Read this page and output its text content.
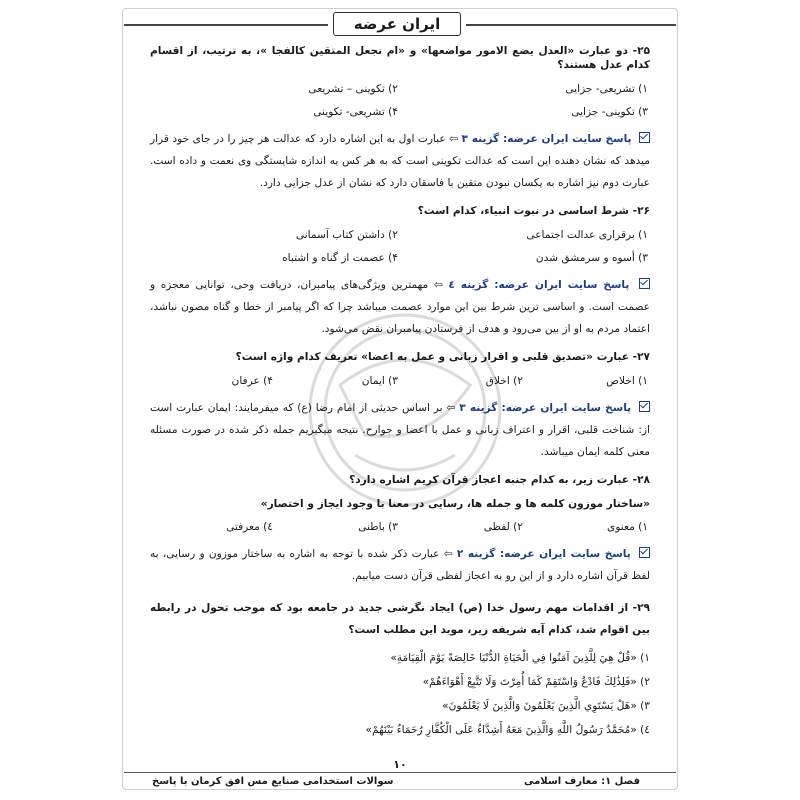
ایران عرضه
۲۵- دو عبارت «العدل یضع الامور مواضعها» و «ام نجعل المتقین کالفجا »، به ترتیب، از اقسام کدام عدل هستند؟
۱) تشریعی- جزایی
۲) تکوینی – تشریعی
۳) تکوینی- جزایی
۴) تشریعی- تکوینی
پاسخ سایت ایران عرضه: گزینه ۳ ⇦ عبارت اول به این اشاره دارد که عدالت هر چیز را در جای خود قرار میدهد که نشان دهنده این است که عدالت تکوینی است که به هر کس به اندازه شایستگی وی نعمت و داده است. عبارت دوم نیز اشاره به یکسان نبودن متقین با فاسقان دارد که نشان از عدل جزایی دارد.
۲۶- شرط اساسی در نبوت انبیاء، کدام است؟
۱) برقراری عدالت اجتماعی
۲) داشتن کتاب آسمانی
۳) أسوه و سرمشق شدن
۴) عصمت از گناه و اشتباه
پاسخ سایت ایران عرضه: گزینه ٤ ⇦ مهمترین ویژگی‌های پیامبران، دریافت وحی، توانایی معجزه و عصمت است. و اساسی ترین شرط بین این موارد عصمت میباشد چرا که اگر پیامبر از خطا و گناه مصون نباشد، اعتماد مردم به او از بین می‌رود و هدف از فرستادن پیامبران نقض می‌شود.
۲۷- عبارت «تصدیق قلبی و اقرار زبانی و عمل به اعضا» تعریف کدام واژه است؟
۱) اخلاص
۲) اخلاق
۳) ایمان
۴) عرفان
پاسخ سایت ایران عرضه: گزینه ۳ ⇦ بر اساس حدیثی از امام رضا (ع) که میفرمایند: ایمان عبارت است از: شناخت قلبی، اقرار و اعتراف زبانی و عمل با اعضا و جوارح. نتیجه میگیریم جمله ذکر شده در صورت مسئله معنی کلمه ایمان میباشد.
۲۸- عبارت زیر، به کدام جنبه اعجاز قرآن کریم اشاره دارد؟
«ساختار موزون کلمه ها و جمله ها، رسایی در معنا با وجود ایجاز و اختصار»
۱) معنوی
۲) لفظی
۳) باطنی
٤) معرفتی
پاسخ سایت ایران عرضه: گزینه ۲ ⇦ عبارت ذکر شده با توجه به اشاره به ساختار موزون و رسایی، به لفظ قرآن اشاره دارد و از این رو به اعجاز لفظی قرآن دست میابیم.
۲۹- از اقدامات مهم رسول خدا (ص) ایجاد نگرشی جدید در جامعه بود که موجب تحول در رابطه بین اقوام شد، کدام آیه شریفه زیر، موید این مطلب است؟
۱) «قُلْ هِيَ لِلَّذِينَ آمَنُوا فِي الْحَيَاةِ الدُّنْيَا خَالِصَةً يَوْمَ الْقِيَامَةِ»
۲) «فَلِذَٰلِكَ فَادْعُ وَاسْتَقِمْ كَمَا أُمِرْتَ وَلَا تَتَّبِعْ أَهْوَاءَهُمْ»
۳) «هَلْ يَسْتَوِي الَّذِينَ يَعْلَمُونَ وَالَّذِينَ لَا يَعْلَمُونَ»
٤) «مُحَمَّدٌ رَسُولُ اللَّهِ وَالَّذِينَ مَعَهُ أَشِدَّاءُ عَلَى الْكُفَّارِ رُحَمَاءُ بَيْنَهُمْ»
۱۰
فصل ۱: معارف اسلامی
سوالات استخدامی صنایع مس افق کرمان با پاسخ
